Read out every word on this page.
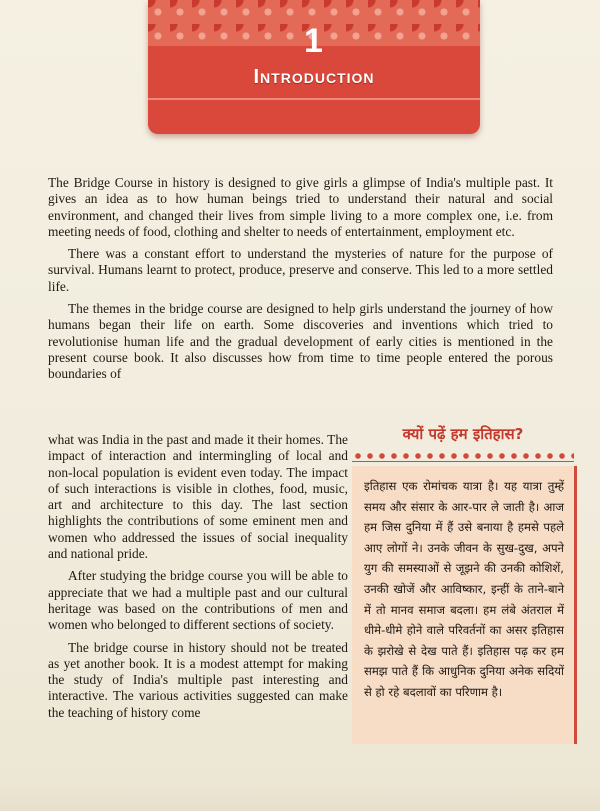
1
Introduction

The Bridge Course in history is designed to give girls a glimpse of India's multiple past. It gives an idea as to how human beings tried to understand their natural and social environment, and changed their lives from simple living to a more complex one, i.e. from meeting needs of food, clothing and shelter to needs of entertainment, employment etc.

There was a constant effort to understand the mysteries of nature for the purpose of survival. Humans learnt to protect, produce, preserve and conserve. This led to a more settled life.

The themes in the bridge course are designed to help girls understand the journey of how humans began their life on earth. Some discoveries and inventions which tried to revolutionise human life and the gradual development of early cities is mentioned in the present course book. It also discusses how from time to time people entered the porous boundaries of

what was India in the past and made it their homes. The impact of interaction and intermingling of local and non-local population is evident even today. The impact of such interactions is visible in clothes, food, music, art and architecture to this day. The last section highlights the contributions of some eminent men and women who addressed the issues of social inequality and national pride.

After studying the bridge course you will be able to appreciate that we had a multiple past and our cultural heritage was based on the contributions of men and women who belonged to different sections of society.

The bridge course in history should not be treated as yet another book. It is a modest attempt for making the study of India's multiple past interesting and interactive. The various activities suggested can make the teaching of history come

क्यों पढ़ें हम इतिहास?
इतिहास एक रोमांचक यात्रा है। यह यात्रा तुम्हें समय और संसार के आर-पार ले जाती है। आज हम जिस दुनिया में हैं उसे बनाया है हमसे पहले आए लोगों ने। उनके जीवन के सुख-दुख, अपने युग की समस्याओं से जूझने की उनकी कोशिशें, उनकी खोजें और आविष्कार, इन्हीं के ताने-बाने में तो मानव समाज बदला। हम लंबे अंतराल में धीमे-धीमे होने वाले परिवर्तनों का असर इतिहास के झरोखे से देख पाते हैं। इतिहास पढ़ कर हम समझ पाते हैं कि आधुनिक दुनिया अनेक सदियों से हो रहे बदलावों का परिणाम है।
